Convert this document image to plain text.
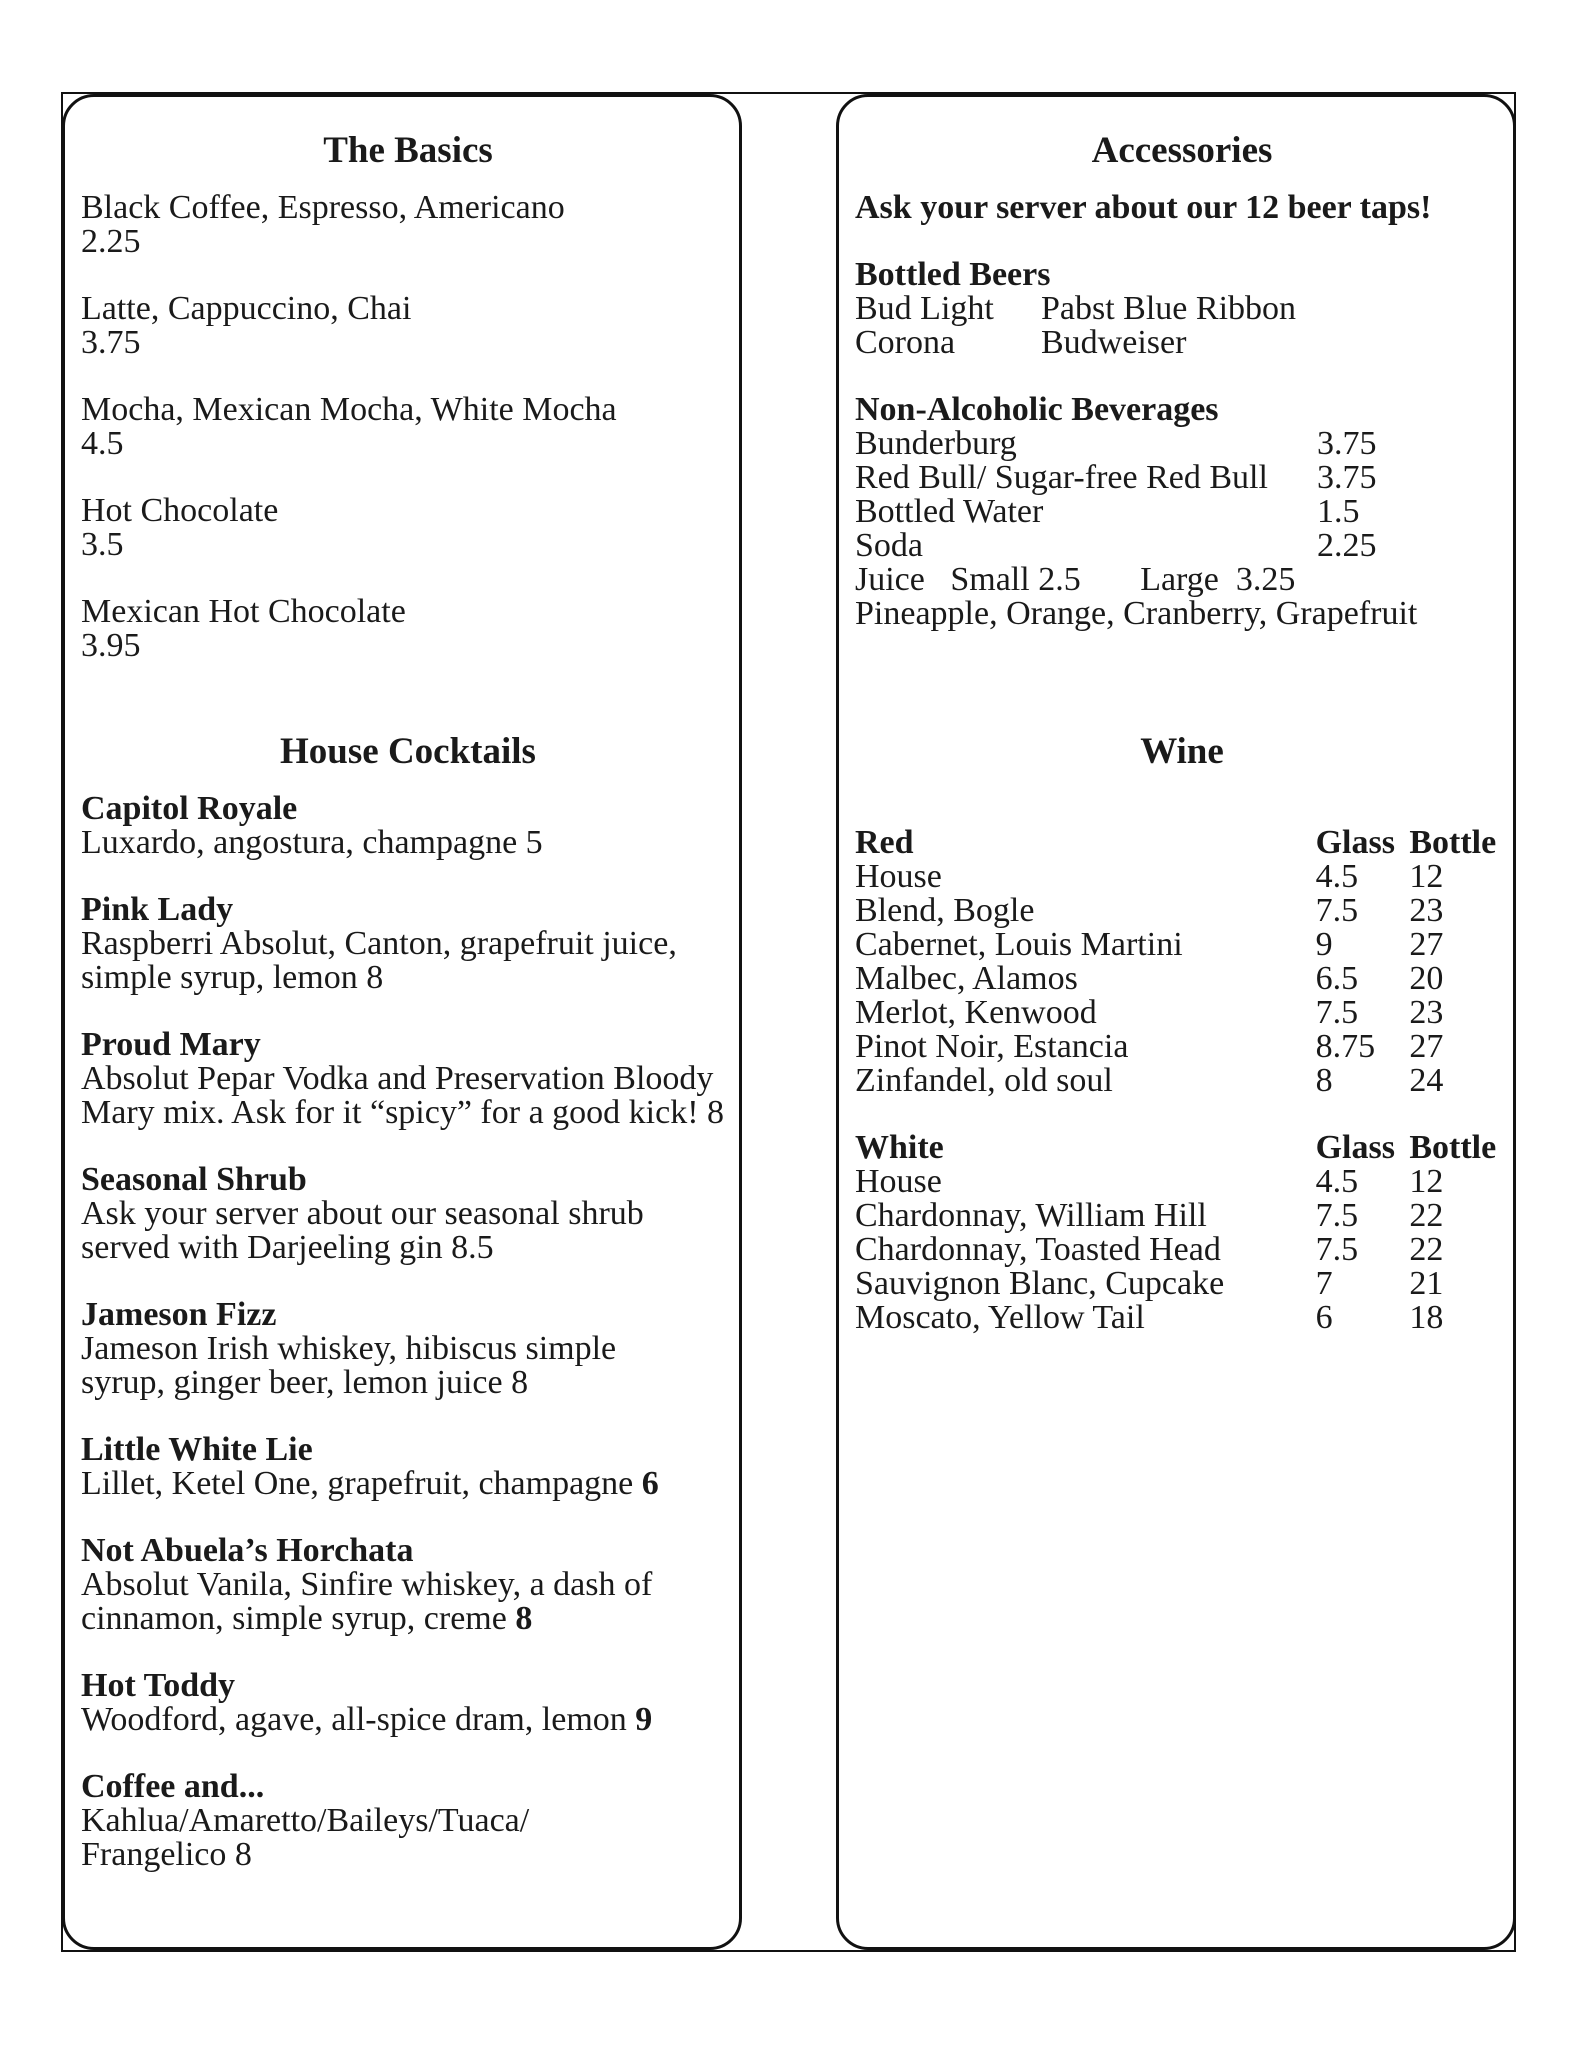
The Basics
Black Coffee, Espresso, Americano
2.25
Latte, Cappuccino, Chai
3.75
Mocha, Mexican Mocha, White Mocha
4.5
Hot Chocolate
3.5
Mexican Hot Chocolate
3.95
House Cocktails
Capitol Royale
Luxardo, angostura, champagne 5
Pink Lady
Raspberri Absolut, Canton, grapefruit juice,
simple syrup, lemon 8
Proud Mary
Absolut Pepar Vodka and Preservation Bloody
Mary mix. Ask for it “spicy” for a good kick! 8
Seasonal Shrub
Ask your server about our seasonal shrub
served with Darjeeling gin 8.5
Jameson Fizz
Jameson Irish whiskey, hibiscus simple
syrup, ginger beer, lemon juice 8
Little White Lie
Lillet, Ketel One, grapefruit, champagne 6
Not Abuela’s Horchata
Absolut Vanila, Sinfire whiskey, a dash of
cinnamon, simple syrup, creme 8
Hot Toddy
Woodford, agave, all-spice dram, lemon 9
Coffee and...
Kahlua/Amaretto/Baileys/Tuaca/
Frangelico 8
Accessories
Ask your server about our 12 beer taps!
Bottled Beers
Bud Light	Pabst Blue Ribbon
Corona	Budweiser
Non-Alcoholic Beverages
Bunderburg	3.75
Red Bull/ Sugar-free Red Bull	3.75
Bottled Water	1.5
Soda	2.25
Juice   Small 2.5       Large  3.25
Pineapple, Orange, Cranberry, Grapefruit
Wine
Red	Glass Bottle
House	4.5	12
Blend, Bogle	7.5	23
Cabernet, Louis Martini	9	27
Malbec, Alamos	6.5	20
Merlot, Kenwood	7.5	23
Pinot Noir, Estancia	8.75	27
Zinfandel, old soul	8	24
White	Glass Bottle
House	4.5	12
Chardonnay, William Hill	7.5	22
Chardonnay, Toasted Head	7.5	22
Sauvignon Blanc, Cupcake	7	21
Moscato, Yellow Tail	6	18
